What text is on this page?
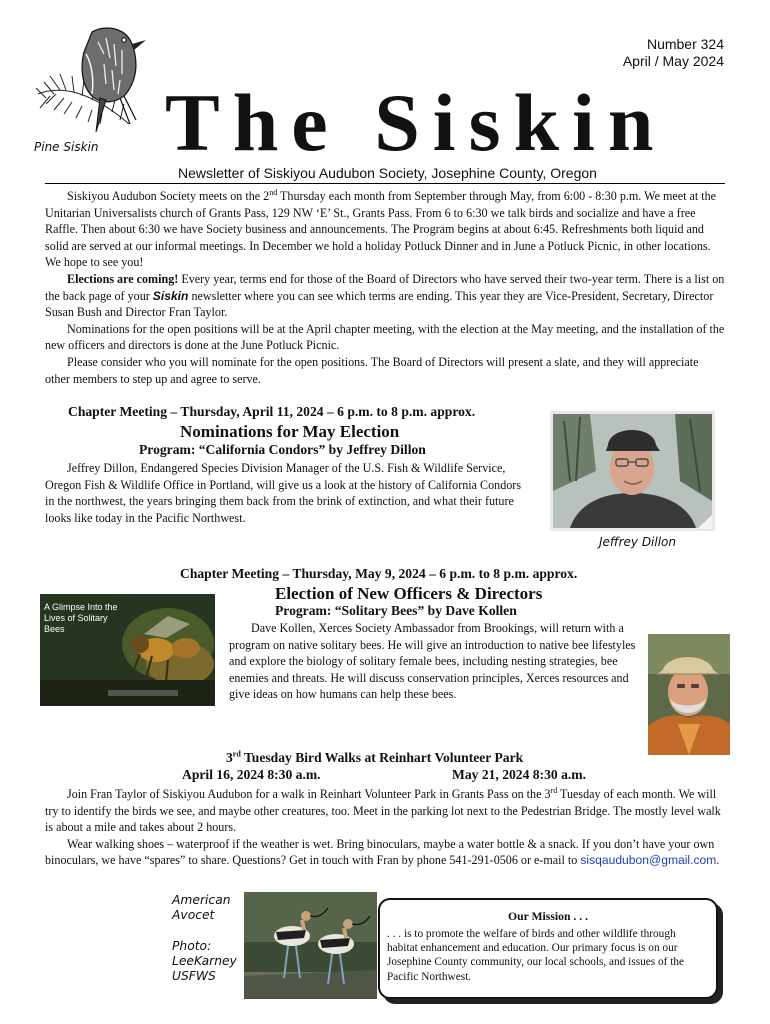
Number 324
April / May 2024
Pine Siskin The Siskin
Newsletter of Siskiyou Audubon Society, Josephine County, Oregon

Siskiyou Audubon Society meets on the 2nd Thursday each month from September through May, from 6:00 - 8:30 p.m. We meet at the Unitarian Universalists church of Grants Pass, 129 NW ‘E’ St., Grants Pass. From 6 to 6:30 we talk birds and socialize and have a free Raffle. Then about 6:30 we have Society business and announcements. The Program begins at about 6:45. Refreshments both liquid and solid are served at our informal meetings. In December we hold a holiday Potluck Dinner and in June a Potluck Picnic, in other locations. We hope to see you!

Elections are coming! Every year, terms end for those of the Board of Directors who have served their two-year term. There is a list on the back page of your Siskin newsletter where you can see which terms are ending. This year they are Vice-President, Secretary, Director Susan Bush and Director Fran Taylor.

Nominations for the open positions will be at the April chapter meeting, with the election at the May meeting, and the installation of the new officers and directors is done at the June Potluck Picnic.

Please consider who you will nominate for the open positions. The Board of Directors will present a slate, and they will appreciate other members to step up and agree to serve.

Chapter Meeting – Thursday, April 11, 2024 – 6 p.m. to 8 p.m. approx.
Nominations for May Election
Program: “California Condors” by Jeffrey Dillon

Jeffrey Dillon, Endangered Species Division Manager of the U.S. Fish & Wildlife Service, Oregon Fish & Wildlife Office in Portland, will give us a look at the history of California Condors in the northwest, the years bringing them back from the brink of extinction, and what their future looks like today in the Pacific Northwest.

Jeffrey Dillon
Chapter Meeting – Thursday, May 9, 2024 – 6 p.m. to 8 p.m. approx.
Election of New Officers & Directors
Program: “Solitary Bees” by Dave Kollen

Dave Kollen, Xerces Society Ambassador from Brookings, will return with a program on native solitary bees. He will give an introduction to native bee lifestyles and explore the biology of solitary female bees, including nesting strategies, bee enemies and threats. He will discuss conservation principles, Xerces resources and give ideas on how humans can help these bees.

A Glimpse Into the Lives of Solitary Bees
3rd Tuesday Bird Walks at Reinhart Volunteer Park
April 16, 2024 8:30 a.m.	May 21, 2024 8:30 a.m.

Join Fran Taylor of Siskiyou Audubon for a walk in Reinhart Volunteer Park in Grants Pass on the 3rd Tuesday of each month. We will try to identify the birds we see, and maybe other creatures, too. Meet in the parking lot next to the Pedestrian Bridge. The mostly level walk is about a mile and takes about 2 hours.

Wear walking shoes – waterproof if the weather is wet. Bring binoculars, maybe a water bottle & a snack. If you don’t have your own binoculars, we have “spares” to share. Questions? Get in touch with Fran by phone 541-291-0506 or e-mail to sisqaudubon@gmail.com.

American
Avocet
Photo:
LeeKarney
USFWS
Our Mission . . .
. . . is to promote the welfare of birds and other wildlife through habitat enhancement and education. Our primary focus is on our Josephine County community, our local schools, and issues of the Pacific Northwest.
